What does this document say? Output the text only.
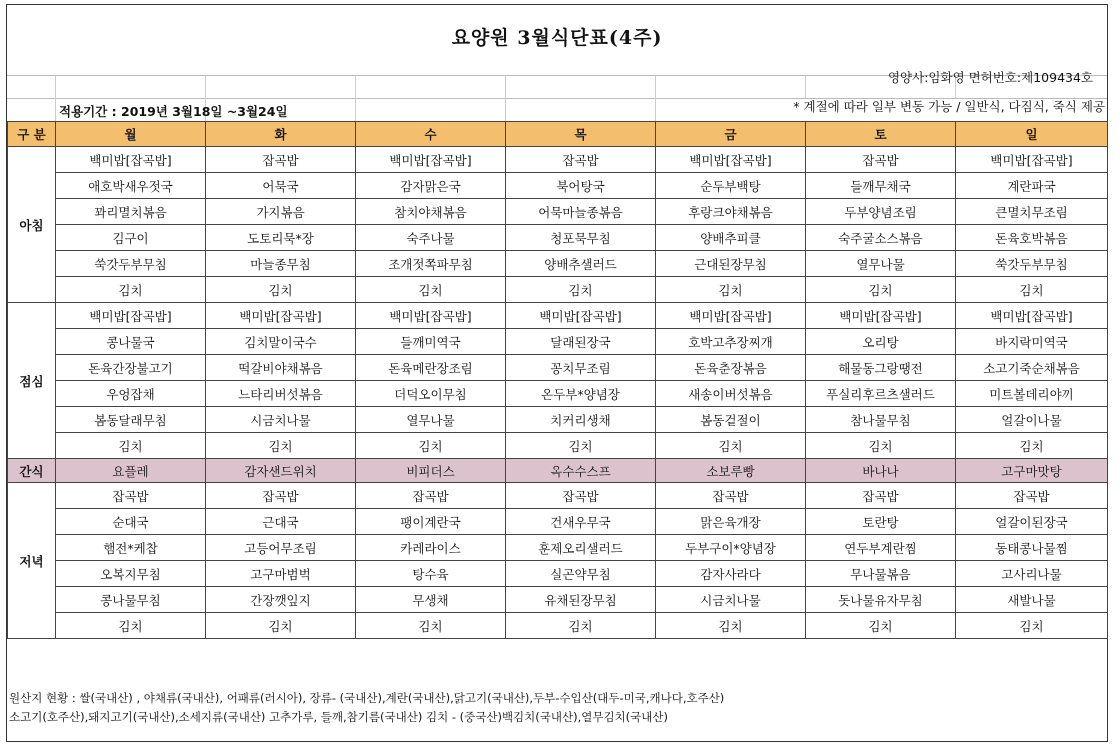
요양원 3월식단표(4주)
영양사:임화영 면허번호:제109434호
적용기간 : 2019년 3월18일 ~3월24일	* 계절에 따라 일부 변동 가능 / 일반식, 다짐식, 죽식 제공
구 분	월	화	수	목	금	토	일
아침	백미밥[잡곡밥]	잡곡밥	백미밥[잡곡밥]	잡곡밥	백미밥[잡곡밥]	잡곡밥	백미밥[잡곡밥]
	애호박새우젓국	어묵국	감자맑은국	북어탕국	순두부백탕	들깨무채국	계란파국
	꽈리멸치볶음	가지볶음	참치야채볶음	어묵마늘종볶음	후랑크야채볶음	두부양념조림	큰멸치무조림
	김구이	도토리묵*장	숙주나물	청포묵무침	양배추피클	숙주굴소스볶음	돈육호박볶음
	쑥갓두부무침	마늘종무침	조개젓쪽파무침	양배추샐러드	근대된장무침	열무나물	쑥갓두부무침
	김치	김치	김치	김치	김치	김치	김치
점심	백미밥[잡곡밥]	백미밥[잡곡밥]	백미밥[잡곡밥]	백미밥[잡곡밥]	백미밥[잡곡밥]	백미밥[잡곡밥]	백미밥[잡곡밥]
	콩나물국	김치말이국수	들깨미역국	달래된장국	호박고추장찌개	오리탕	바지락미역국
	돈육간장불고기	떡갈비야채볶음	돈육메란장조림	꽁치무조림	돈육춘장볶음	해물동그랑땡전	소고기죽순채볶음
	우엉잡채	느타리버섯볶음	더덕오이무침	온두부*양념장	새송이버섯볶음	푸실리후르츠샐러드	미트볼데리야끼
	봄동달래무침	시금치나물	열무나물	치커리생채	봄동겉절이	참나물무침	얼갈이나물
	김치	김치	김치	김치	김치	김치	김치
간식	요플레	감자샌드위치	비피더스	옥수수스프	소보루빵	바나나	고구마맛탕
저녁	잡곡밥	잡곡밥	잡곡밥	잡곡밥	잡곡밥	잡곡밥	잡곡밥
	순대국	근대국	팽이계란국	건새우무국	맑은육개장	토란탕	얼갈이된장국
	햄전*케찹	고등어무조림	카레라이스	훈제오리샐러드	두부구이*양념장	연두부계란찜	동태콩나물찜
	오복지무침	고구마범벅	탕수육	실곤약무침	감자사라다	무나물볶음	고사리나물
	콩나물무침	간장깻잎지	무생채	유채된장무침	시금치나물	돗나물유자무침	새발나물
	김치	김치	김치	김치	김치	김치	김치
원산지 현황 : 쌀(국내산) , 야채류(국내산), 어패류(러시아), 장류- (국내산),계란(국내산),닭고기(국내산),두부-수입산(대두-미국,캐나다,호주산)
소고기(호주산),돼지고기(국내산),소세지류(국내산) 고추가루, 들깨,참기름(국내산) 김치 - (중국산)백김치(국내산),열무김치(국내산)
